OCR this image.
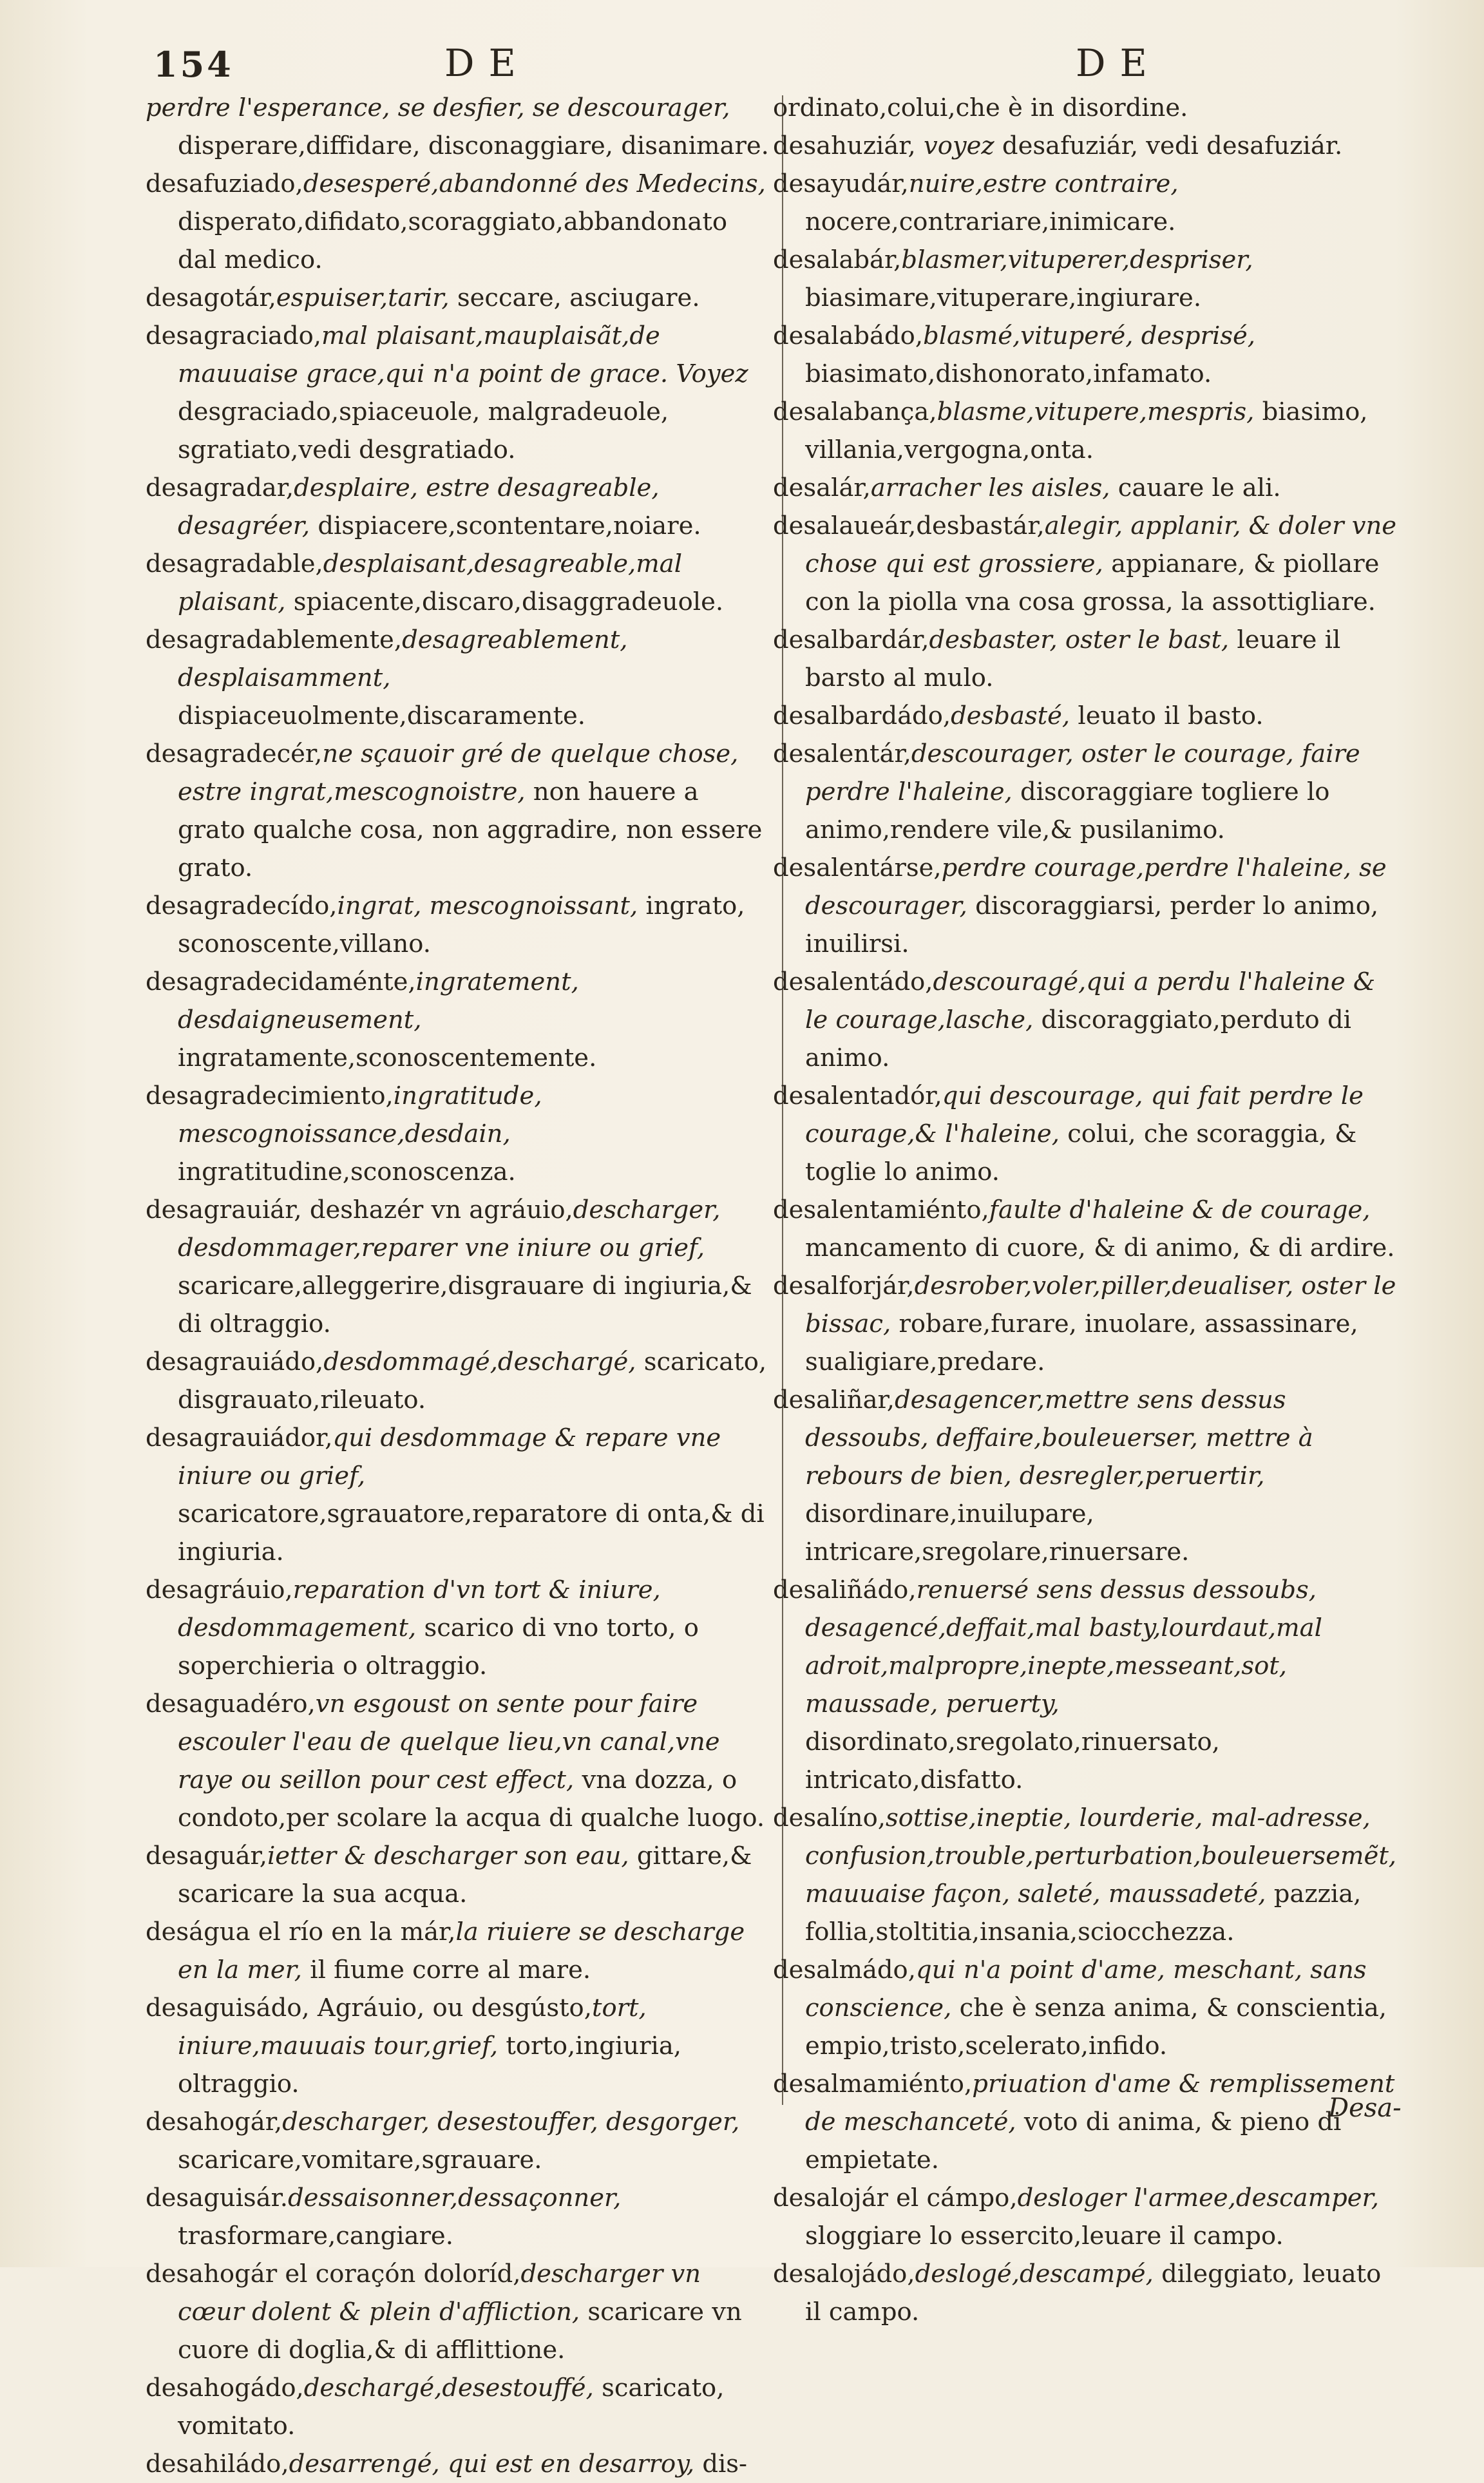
154	DE	DE

perdre l'esperance, se desfier, se descourager, disperare,diffidare, disconaggiare, disanimare.

desafuziado,desesperé,abandonné des Medecins, disperato,difidato,scoraggiato,abbandonato dal medico.

desagotár,espuiser,tarir, seccare, asciugare.

desagraciado,mal plaisant,mauplaisãt,de mauuaise grace,qui n'a point de grace. Voyez desgraciado,spiaceuole, malgradeuole, sgratiato,vedi desgratiado.

desagradar,desplaire, estre desagreable, desagréer, dispiacere,scontentare,noiare.

desagradable,desplaisant,desagreable,mal plaisant, spiacente,discaro,disaggradeuole.

desagradablemente,desagreablement, desplaisamment, dispiaceuolmente,discaramente.

desagradecér,ne sçauoir gré de quelque chose, estre ingrat,mescognoistre, non hauere a grato qualche cosa, non aggradire, non essere grato.

desagradecído,ingrat, mescognoissant, ingrato, sconoscente,villano.

desagradecidaménte,ingratement, desdaigneusement, ingratamente,sconoscentemente.

desagradecimiento,ingratitude, mescognoissance,desdain, ingratitudine,sconoscenza.

desagrauiár, deshazér vn agráuio,descharger, desdommager,reparer vne iniure ou grief, scaricare,alleggerire,disgrauare di ingiuria,& di oltraggio.

desagrauiádo,desdommagé,deschargé, scaricato, disgrauato,rileuato.

desagrauiádor,qui desdommage & repare vne iniure ou grief, scaricatore,sgrauatore,reparatore di onta,& di ingiuria.

desagráuio,reparation d'vn tort & iniure, desdommagement, scarico di vno torto, o soperchieria o oltraggio.

desaguadéro,vn esgoust on sente pour faire escouler l'eau de quelque lieu,vn canal,vne raye ou seillon pour cest effect, vna dozza, o condoto,per scolare la acqua di qualche luogo.

desaguár,ietter & descharger son eau, gittare,& scaricare la sua acqua.

deságua el río en la már,la riuiere se descharge en la mer, il fiume corre al mare.

desaguisádo, Agráuio, ou desgústo,tort, iniure,mauuais tour,grief, torto,ingiuria, oltraggio.

desahogár,descharger, desestouffer, desgorger, scaricare,vomitare,sgrauare.

desaguisár.dessaisonner,dessaçonner, trasformare,cangiare.

desahogár el coraçón doloríd,descharger vn cœur dolent & plein d'affliction, scaricare vn cuore di doglia,& di afflittione.

desahogádo,deschargé,desestouffé, scaricato, vomitato.

desahiládo,desarrengé, qui est en desarroy, dis-

ordinato,colui,che è in disordine.

desahuziár, voyez desafuziár, vedi desafuziár.

desayudár,nuire,estre contraire, nocere,contrariare,inimicare.

desalabár,blasmer,vituperer,despriser, biasimare,vituperare,ingiurare.

desalabádo,blasmé,vituperé, desprisé, biasimato,dishonorato,infamato.

desalabança,blasme,vitupere,mespris, biasimo, villania,vergogna,onta.

desalár,arracher les aisles, cauare le ali.

desalaueár,desbastár,alegir, applanir, & doler vne chose qui est grossiere, appianare, & piollare con la piolla vna cosa grossa, la assottigliare.

desalbardár,desbaster, oster le bast, leuare il barsto al mulo.

desalbardádo,desbasté, leuato il basto.

desalentár,descourager, oster le courage, faire perdre l'haleine, discoraggiare togliere lo animo,rendere vile,& pusilanimo.

desalentárse,perdre courage,perdre l'haleine, se descourager, discoraggiarsi, perder lo animo, inuilirsi.

desalentádo,descouragé,qui a perdu l'haleine & le courage,lasche, discoraggiato,perduto di animo.

desalentadór,qui descourage, qui fait perdre le courage,& l'haleine, colui, che scoraggia, & toglie lo animo.

desalentamiénto,faulte d'haleine & de courage, mancamento di cuore, & di animo, & di ardire.

desalforjár,desrober,voler,piller,deualiser, oster le bissac, robare,furare, inuolare, assassinare, sualigiare,predare.

desaliñar,desagencer,mettre sens dessus dessoubs, deffaire,bouleuerser, mettre à rebours de bien, desregler,peruertir, disordinare,inuilupare, intricare,sregolare,rinuersare.

desaliñádo,renuersé sens dessus dessoubs, desagencé,deffait,mal basty,lourdaut,mal adroit,malpropre,inepte,messeant,sot, maussade, peruerty, disordinato,sregolato,rinuersato, intricato,disfatto.

desalíno,sottise,ineptie, lourderie, mal-adresse, confusion,trouble,perturbation,bouleuersemẽt, mauuaise façon, saleté, maussadeté, pazzia, follia,stoltitia,insania,sciocchezza.

desalmádo,qui n'a point d'ame, meschant, sans conscience, che è senza anima, & conscientia, empio,tristo,scelerato,infido.

desalmamiénto,priuation d'ame & remplissement de meschanceté, voto di anima, & pieno di empietate.

desalojár el cámpo,desloger l'armee,descamper, sloggiare lo essercito,leuare il campo.

desalojádo,deslogé,descampé, dileggiato, leuato il campo.

Desa-
